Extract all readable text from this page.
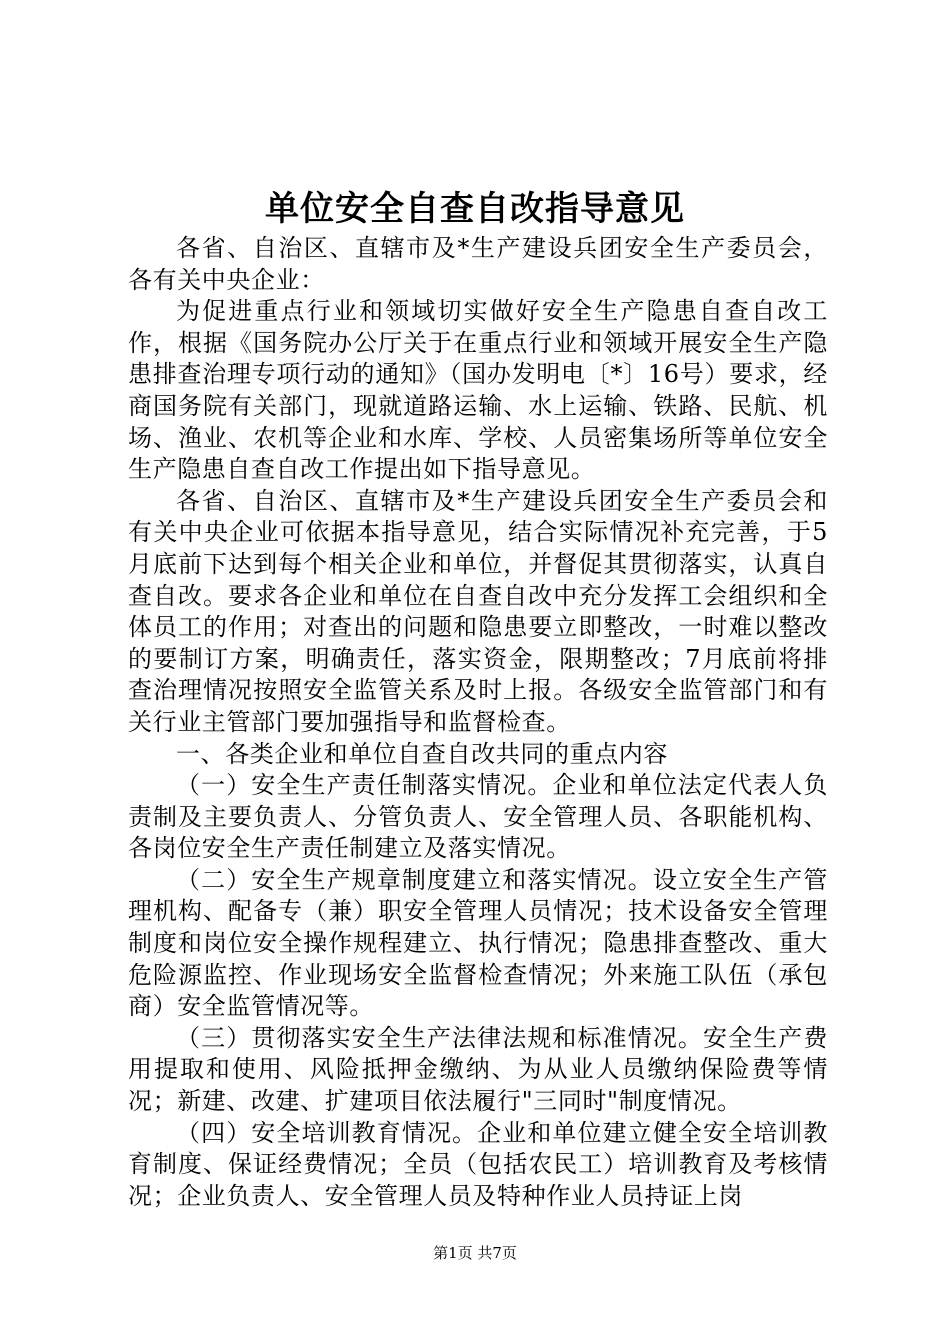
单位安全自查自改指导意见

各省、自治区、直辖市及*生产建设兵团安全生产委员会，各有关中央企业：

为促进重点行业和领域切实做好安全生产隐患自查自改工作，根据《国务院办公厅关于在重点行业和领域开展安全生产隐患排查治理专项行动的通知》（国办发明电〔*〕16号）要求，经商国务院有关部门，现就道路运输、水上运输、铁路、民航、机场、渔业、农机等企业和水库、学校、人员密集场所等单位安全生产隐患自查自改工作提出如下指导意见。

各省、自治区、直辖市及*生产建设兵团安全生产委员会和有关中央企业可依据本指导意见，结合实际情况补充完善，于5月底前下达到每个相关企业和单位，并督促其贯彻落实，认真自查自改。要求各企业和单位在自查自改中充分发挥工会组织和全体员工的作用；对查出的问题和隐患要立即整改，一时难以整改的要制订方案，明确责任，落实资金，限期整改；7月底前将排查治理情况按照安全监管关系及时上报。各级安全监管部门和有关行业主管部门要加强指导和监督检查。

一、各类企业和单位自查自改共同的重点内容

（一）安全生产责任制落实情况。企业和单位法定代表人负责制及主要负责人、分管负责人、安全管理人员、各职能机构、各岗位安全生产责任制建立及落实情况。

（二）安全生产规章制度建立和落实情况。设立安全生产管理机构、配备专（兼）职安全管理人员情况；技术设备安全管理制度和岗位安全操作规程建立、执行情况；隐患排查整改、重大危险源监控、作业现场安全监督检查情况；外来施工队伍（承包商）安全监管情况等。

（三）贯彻落实安全生产法律法规和标准情况。安全生产费用提取和使用、风险抵押金缴纳、为从业人员缴纳保险费等情况；新建、改建、扩建项目依法履行"三同时"制度情况。

（四）安全培训教育情况。企业和单位建立健全安全培训教育制度、保证经费情况；全员（包括农民工）培训教育及考核情况；企业负责人、安全管理人员及特种作业人员持证上岗

第1页 共7页
